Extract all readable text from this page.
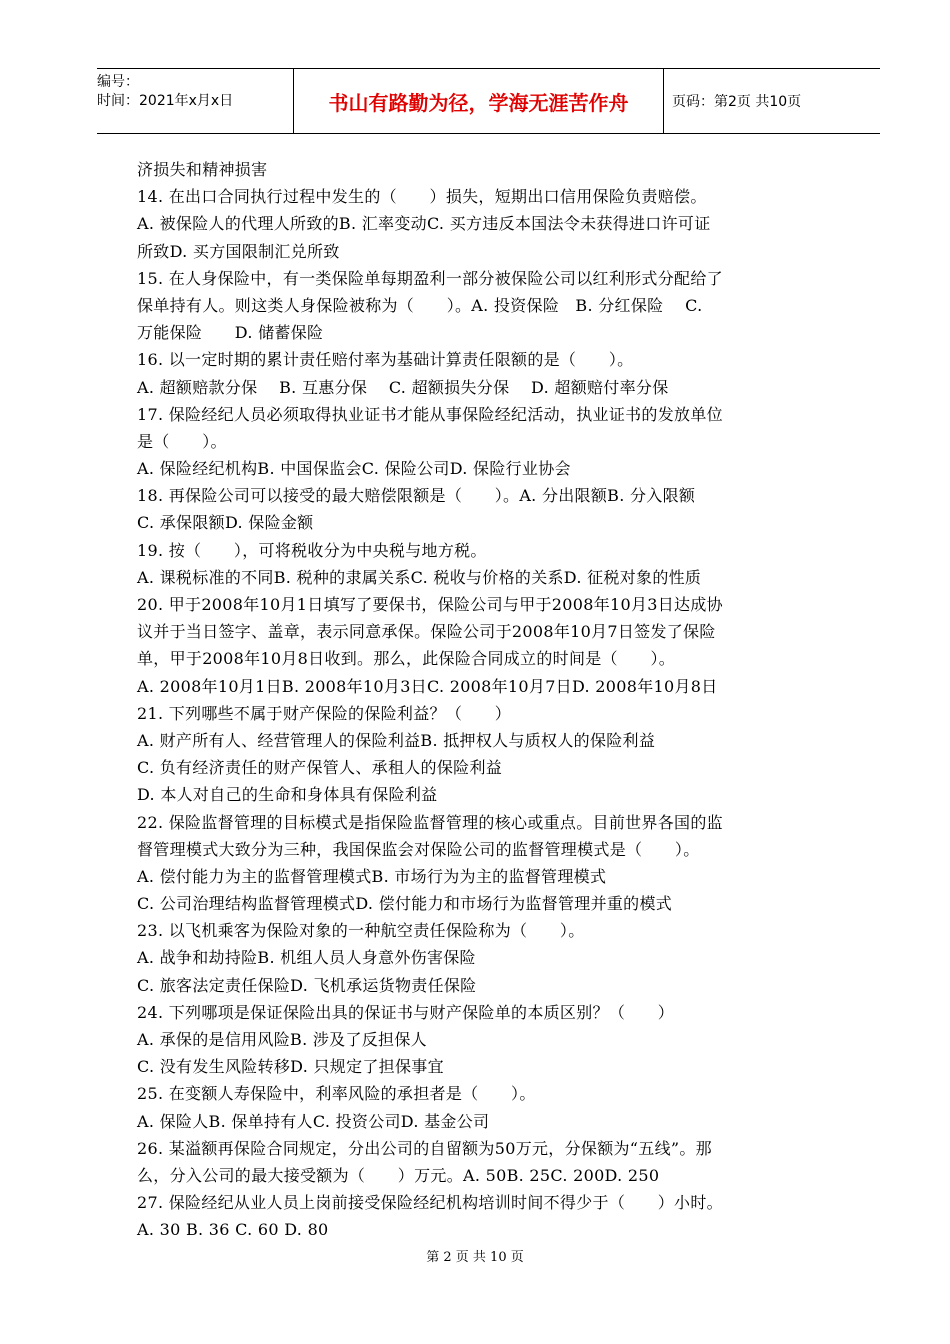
编号：
时间：2021年x月x日	书山有路勤为径，学海无涯苦作舟	页码：第2页 共10页
济损失和精神损害
14. 在出口合同执行过程中发生的（　　）损失，短期出口信用保险负责赔偿。
A. 被保险人的代理人所致的B. 汇率变动C. 买方违反本国法令未获得进口许可证
所致D. 买方国限制汇兑所致
15. 在人身保险中，有一类保险单每期盈利一部分被保险公司以红利形式分配给了
保单持有人。则这类人身保险被称为（　　）。A. 投资保险　B. 分红保险　 C.
万能保险　　D. 储蓄保险
16. 以一定时期的累计责任赔付率为基础计算责任限额的是（　　）。
A. 超额赔款分保　 B. 互惠分保　 C. 超额损失分保　 D. 超额赔付率分保
17. 保险经纪人员必须取得执业证书才能从事保险经纪活动，执业证书的发放单位
是（　　）。
A. 保险经纪机构B. 中国保监会C. 保险公司D. 保险行业协会
18. 再保险公司可以接受的最大赔偿限额是（　　）。A. 分出限额B. 分入限额
C. 承保限额D. 保险金额
19. 按（　　），可将税收分为中央税与地方税。
A. 课税标准的不同B. 税种的隶属关系C. 税收与价格的关系D. 征税对象的性质
20. 甲于2008年10月1日填写了要保书，保险公司与甲于2008年10月3日达成协
议并于当日签字、盖章，表示同意承保。保险公司于2008年10月7日签发了保险
单，甲于2008年10月8日收到。那么，此保险合同成立的时间是（　　）。
A. 2008年10月1日B. 2008年10月3日C. 2008年10月7日D. 2008年10月8日
21. 下列哪些不属于财产保险的保险利益？（　　）
A. 财产所有人、经营管理人的保险利益B. 抵押权人与质权人的保险利益
C. 负有经济责任的财产保管人、承租人的保险利益
D. 本人对自己的生命和身体具有保险利益
22. 保险监督管理的目标模式是指保险监督管理的核心或重点。目前世界各国的监
督管理模式大致分为三种，我国保监会对保险公司的监督管理模式是（　　）。
A. 偿付能力为主的监督管理模式B. 市场行为为主的监督管理模式
C. 公司治理结构监督管理模式D. 偿付能力和市场行为监督管理并重的模式
23. 以飞机乘客为保险对象的一种航空责任保险称为（　　）。
A. 战争和劫持险B. 机组人员人身意外伤害保险
C. 旅客法定责任保险D. 飞机承运货物责任保险
24. 下列哪项是保证保险出具的保证书与财产保险单的本质区别？（　　）
A. 承保的是信用风险B. 涉及了反担保人
C. 没有发生风险转移D. 只规定了担保事宜
25. 在变额人寿保险中，利率风险的承担者是（　　）。
A. 保险人B. 保单持有人C. 投资公司D. 基金公司
26. 某溢额再保险合同规定，分出公司的自留额为50万元，分保额为“五线”。那
么，分入公司的最大接受额为（　　）万元。A. 50B. 25C. 200D. 250
27. 保险经纪从业人员上岗前接受保险经纪机构培训时间不得少于（　　）小时。
A. 30 B. 36 C. 60 D. 80
第 2 页 共 10 页
